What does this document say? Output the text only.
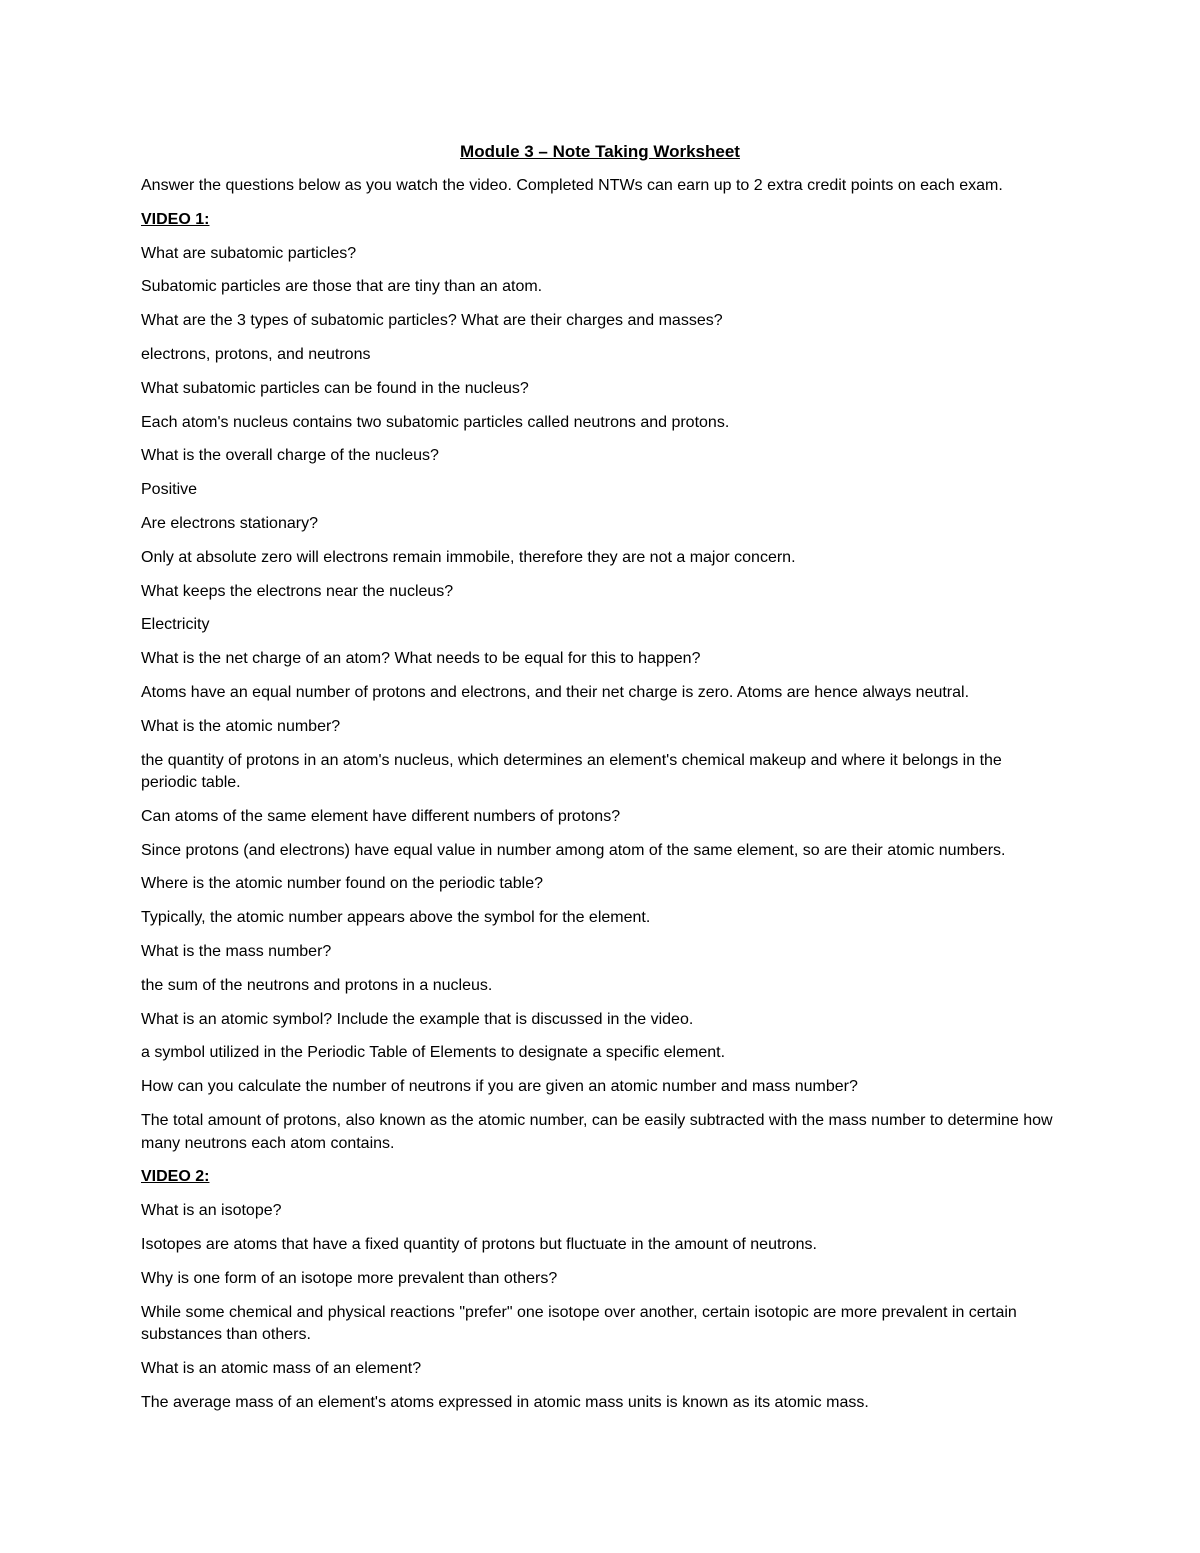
Module 3 – Note Taking Worksheet
Answer the questions below as you watch the video. Completed NTWs can earn up to 2 extra credit points on each exam.
VIDEO 1:
What are subatomic particles?
Subatomic particles are those that are tiny than an atom.
What are the 3 types of subatomic particles? What are their charges and masses?
electrons, protons, and neutrons
What subatomic particles can be found in the nucleus?
Each atom's nucleus contains two subatomic particles called neutrons and protons.
What is the overall charge of the nucleus?
Positive
Are electrons stationary?
Only at absolute zero will electrons remain immobile, therefore they are not a major concern.
What keeps the electrons near the nucleus?
Electricity
What is the net charge of an atom? What needs to be equal for this to happen?
Atoms have an equal number of protons and electrons, and their net charge is zero. Atoms are hence always neutral.
What is the atomic number?
the quantity of protons in an atom's nucleus, which determines an element's chemical makeup and where it belongs in the periodic table.
Can atoms of the same element have different numbers of protons?
Since protons (and electrons) have equal value in number among atom of the same element, so are their atomic numbers.
Where is the atomic number found on the periodic table?
Typically, the atomic number appears above the symbol for the element.
What is the mass number?
the sum of the neutrons and protons in a nucleus.
What is an atomic symbol? Include the example that is discussed in the video.
a symbol utilized in the Periodic Table of Elements to designate a specific element.
How can you calculate the number of neutrons if you are given an atomic number and mass number?
The total amount of protons, also known as the atomic number, can be easily subtracted with the mass number to determine how many neutrons each atom contains.
VIDEO 2:
What is an isotope?
Isotopes are atoms that have a fixed quantity of protons but fluctuate in the amount of neutrons.
Why is one form of an isotope more prevalent than others?
While some chemical and physical reactions "prefer" one isotope over another, certain isotopic are more prevalent in certain substances than others.
What is an atomic mass of an element?
The average mass of an element's atoms expressed in atomic mass units is known as its atomic mass.
